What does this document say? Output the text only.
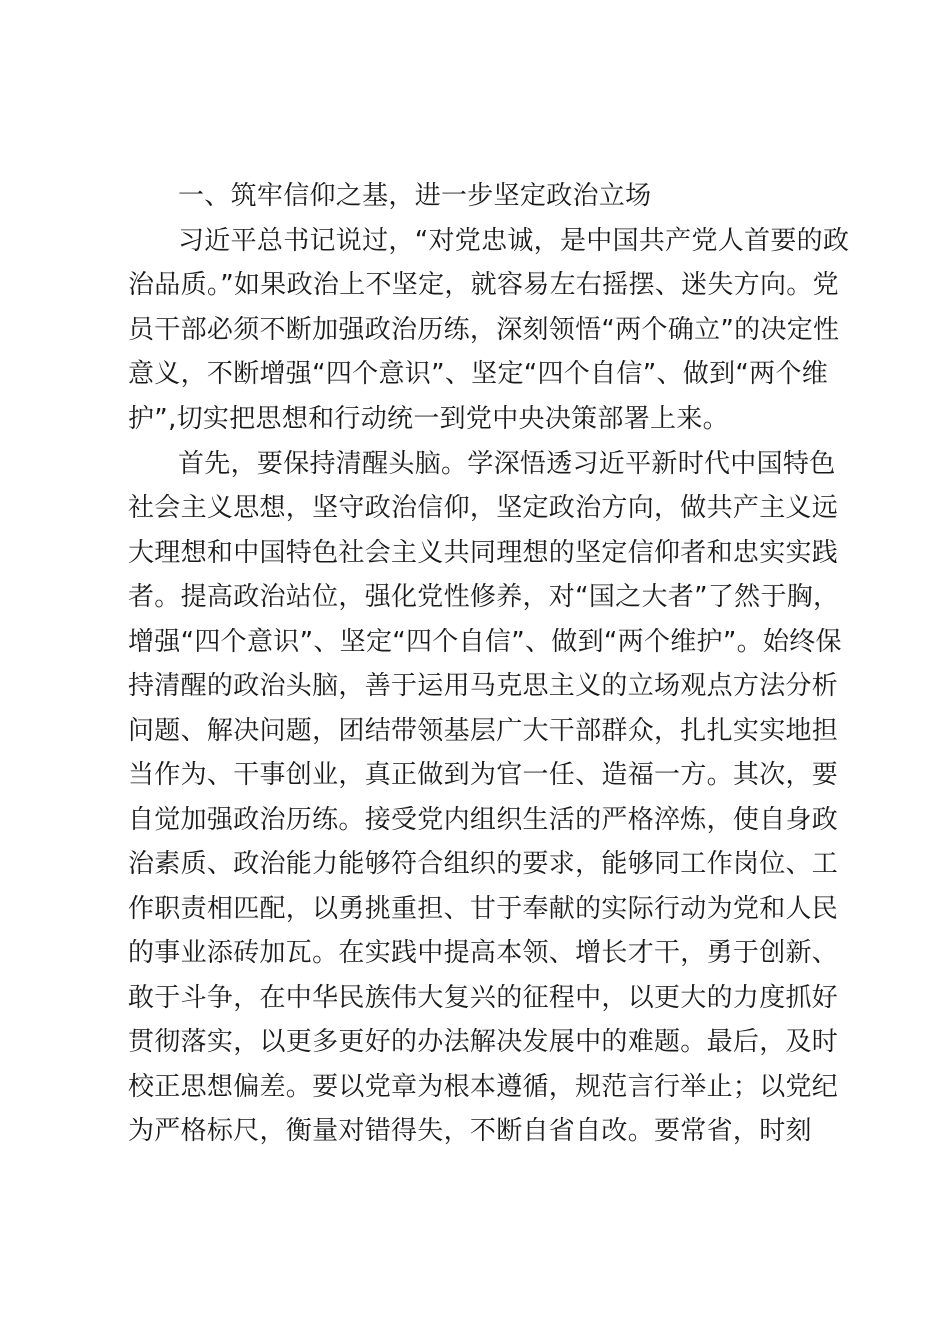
一、筑牢信仰之基，进一步坚定政治立场
习近平总书记说过，“对党忠诚，是中国共产党人首要的政
治品质。”如果政治上不坚定，就容易左右摇摆、迷失方向。党
员干部必须不断加强政治历练，深刻领悟“两个确立”的决定性
意义，不断增强“四个意识”、坚定“四个自信”、做到“两个维
护”,切实把思想和行动统一到党中央决策部署上来。
首先，要保持清醒头脑。学深悟透习近平新时代中国特色
社会主义思想，坚守政治信仰，坚定政治方向，做共产主义远
大理想和中国特色社会主义共同理想的坚定信仰者和忠实实践
者。提高政治站位，强化党性修养，对“国之大者”了然于胸，
增强“四个意识”、坚定“四个自信”、做到“两个维护”。始终保
持清醒的政治头脑，善于运用马克思主义的立场观点方法分析
问题、解决问题，团结带领基层广大干部群众，扎扎实实地担
当作为、干事创业，真正做到为官一任、造福一方。其次，要
自觉加强政治历练。接受党内组织生活的严格淬炼，使自身政
治素质、政治能力能够符合组织的要求，能够同工作岗位、工
作职责相匹配，以勇挑重担、甘于奉献的实际行动为党和人民
的事业添砖加瓦。在实践中提高本领、增长才干，勇于创新、
敢于斗争，在中华民族伟大复兴的征程中，以更大的力度抓好
贯彻落实，以更多更好的办法解决发展中的难题。最后，及时
校正思想偏差。要以党章为根本遵循，规范言行举止；以党纪
为严格标尺，衡量对错得失，不断自省自改。要常省，时刻
